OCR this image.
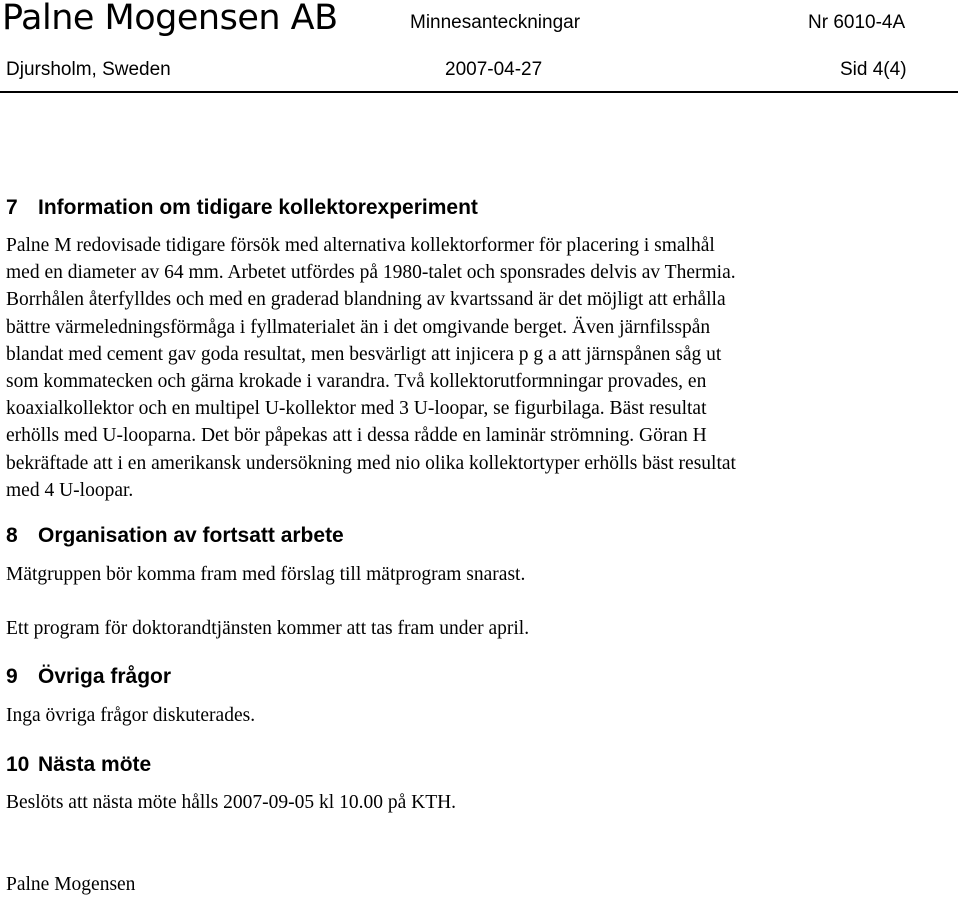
Palne Mogensen AB	Minnesanteckningar	Nr 6010-4A
Djursholm, Sweden	2007-04-27	Sid 4(4)
7 Information om tidigare kollektorexperiment
Palne M redovisade tidigare försök med alternativa kollektorformer för placering i smalhål
med en diameter av 64 mm. Arbetet utfördes på 1980-talet och sponsrades delvis av Thermia.
Borrhålen återfylldes och med en graderad blandning av kvartssand är det möjligt att erhålla
bättre värmeledningsförmåga i fyllmaterialet än i det omgivande berget. Även järnfilsspån
blandat med cement gav goda resultat, men besvärligt att injicera p g a att järnspånen såg ut
som kommatecken och gärna krokade i varandra. Två kollektorutformningar provades, en
koaxialkollektor och en multipel U-kollektor med 3 U-loopar, se figurbilaga. Bäst resultat
erhölls med U-looparna. Det bör påpekas att i dessa rådde en laminär strömning. Göran H
bekräftade att i en amerikansk undersökning med nio olika kollektortyper erhölls bäst resultat
med 4 U-loopar.
8 Organisation av fortsatt arbete

Mätgruppen bör komma fram med förslag till mätprogram snarast.

Ett program för doktorandtjänsten kommer att tas fram under april.

9 Övriga frågor

Inga övriga frågor diskuterades.

10 Nästa möte

Beslöts att nästa möte hålls 2007-09-05 kl 10.00 på KTH.

Palne Mogensen
